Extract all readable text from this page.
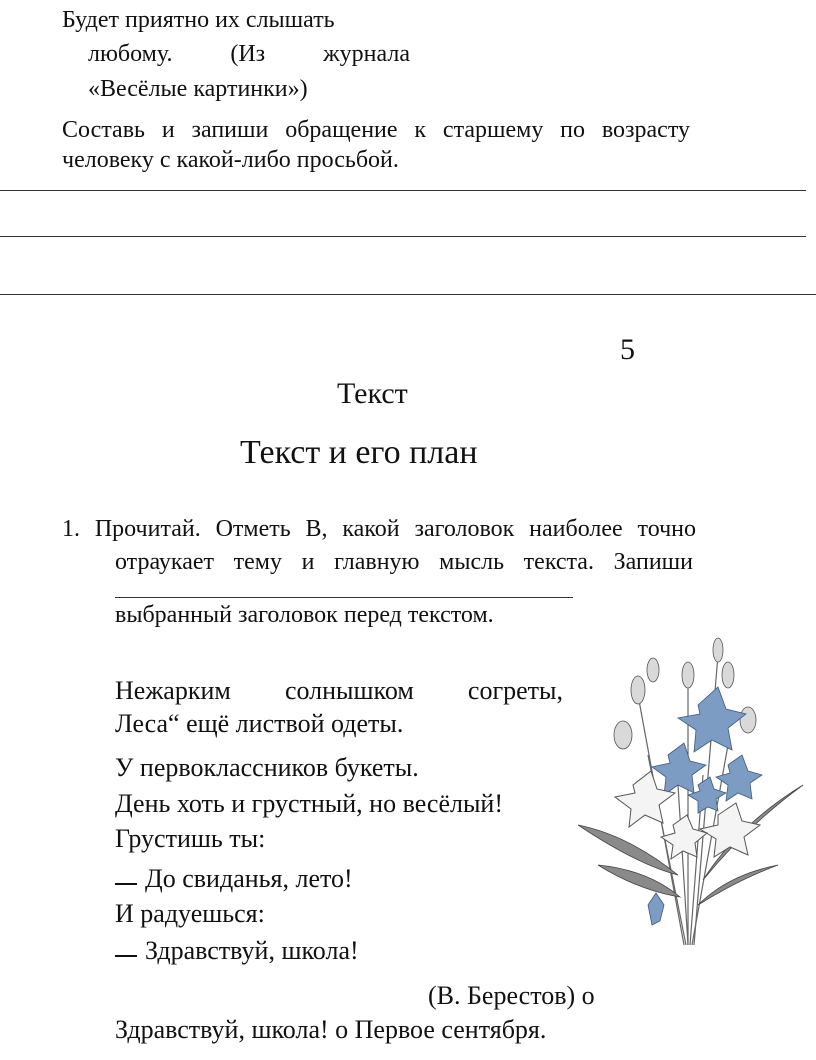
Будет приятно их слышать
любому. (Из журнала
«Весёлые картинки»)
Составь и запиши обращение к старшему по возрасту
человеку с какой-либо просьбой.
5
Текст
Текст и его план
1. Прочитай. Отметь В, какой заголовок наиболее точно
отраукает тему и главную мысль текста. Запиши
выбранный заголовок перед текстом.
Нежарким солнышком согреты,
Леса“ ещё листвой одеты.
У первоклассников букеты.
День хоть и грустный, но весёлый!
Грустишь ты:
До свиданья, лето!
И радуешься:
Здравствуй, школа!
(В. Берестов) о
Здравствуй, школа! о Первое сентября.
